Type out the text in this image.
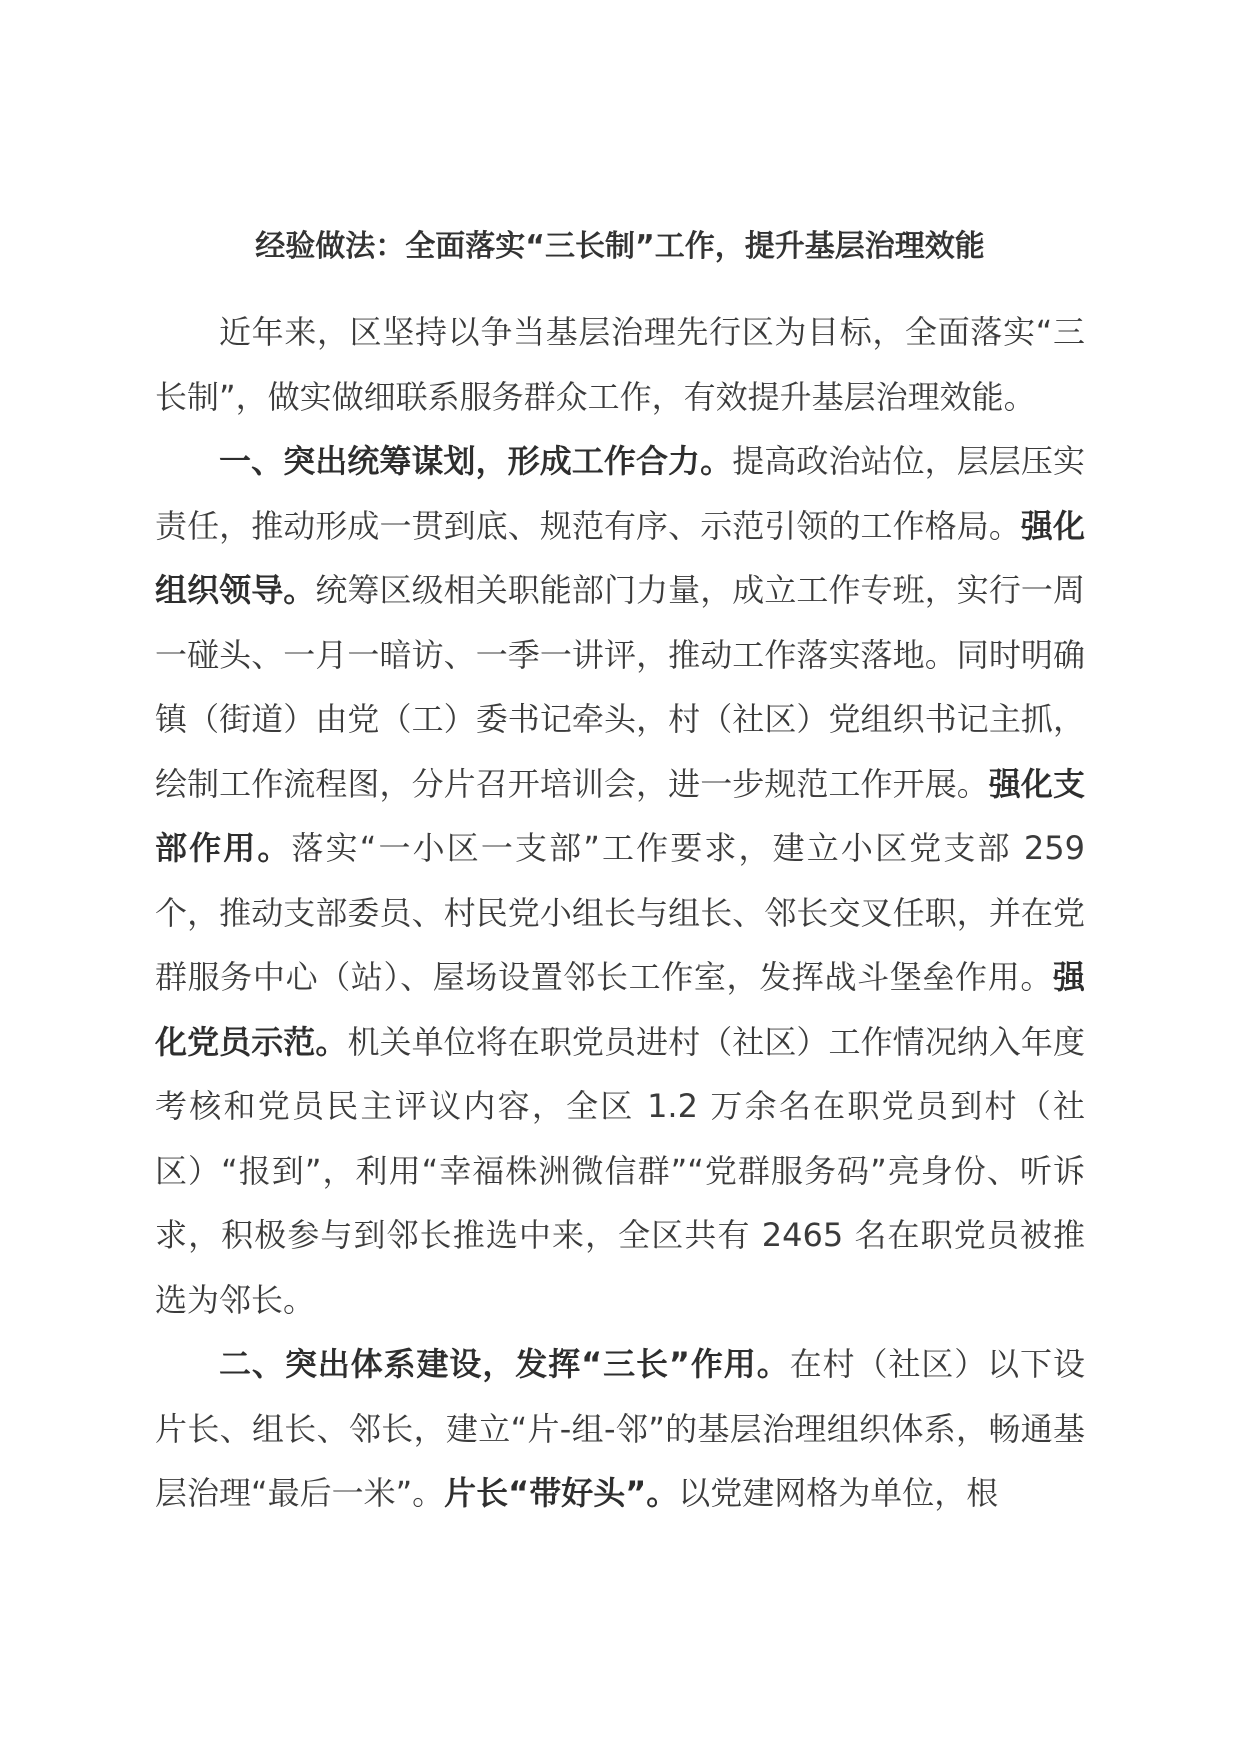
经验做法：全面落实“三长制”工作，提升基层治理效能

近年来，区坚持以争当基层治理先行区为目标，全面落实“三长制”，做实做细联系服务群众工作，有效提升基层治理效能。

一、突出统筹谋划，形成工作合力。提高政治站位，层层压实责任，推动形成一贯到底、规范有序、示范引领的工作格局。强化组织领导。统筹区级相关职能部门力量，成立工作专班，实行一周一碰头、一月一暗访、一季一讲评，推动工作落实落地。同时明确镇（街道）由党（工）委书记牵头，村（社区）党组织书记主抓，绘制工作流程图，分片召开培训会，进一步规范工作开展。强化支部作用。落实“一小区一支部”工作要求，建立小区党支部 259 个，推动支部委员、村民党小组长与组长、邻长交叉任职，并在党群服务中心（站）、屋场设置邻长工作室，发挥战斗堡垒作用。强化党员示范。机关单位将在职党员进村（社区）工作情况纳入年度考核和党员民主评议内容，全区 1.2 万余名在职党员到村（社区）“报到”，利用“幸福株洲微信群”“党群服务码”亮身份、听诉求，积极参与到邻长推选中来，全区共有 2465 名在职党员被推选为邻长。

二、突出体系建设，发挥“三长”作用。在村（社区）以下设片长、组长、邻长，建立“片-组-邻”的基层治理组织体系，畅通基层治理“最后一米”。片长“带好头”。以党建网格为单位，根
